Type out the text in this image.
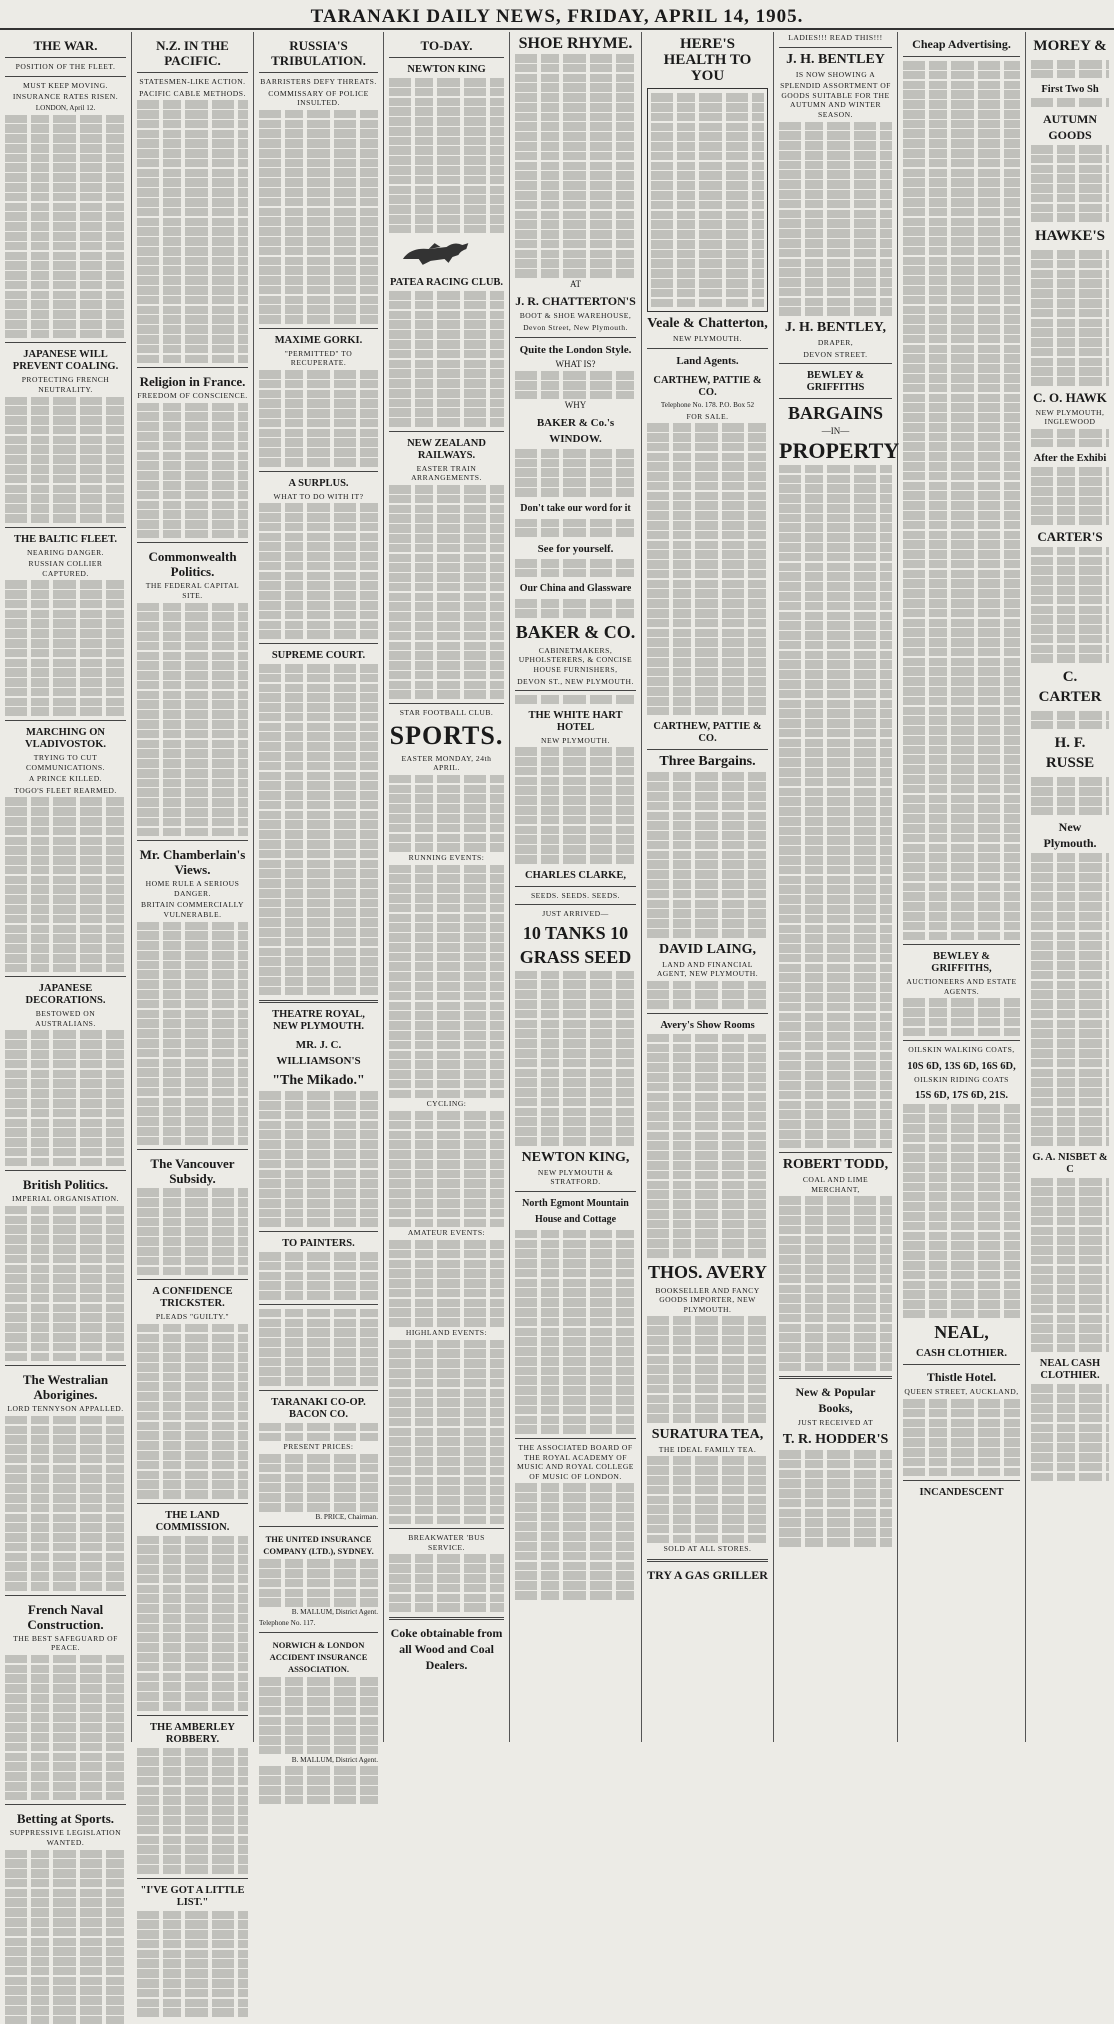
TARANAKI DAILY NEWS, FRIDAY, APRIL 14, 1905.
THE WAR.
POSITION OF THE FLEET.
MUST KEEP MOVING.
INSURANCE RATES RISEN.
LONDON, April 12.
JAPANESE WILL PREVENT COALING.
PROTECTING FRENCH NEUTRALITY.
THE BALTIC FLEET.
NEARING DANGER.
RUSSIAN COLLIER CAPTURED.
MARCHING ON VLADIVOSTOK.
TRYING TO CUT COMMUNICATIONS.
A PRINCE KILLED.
TOGO'S FLEET REARMED.
JAPANESE DECORATIONS.
BESTOWED ON AUSTRALIANS.
British Politics.
IMPERIAL ORGANISATION.
The Westralian Aborigines.
LORD TENNYSON APPALLED.
French Naval Construction.
THE BEST SAFEGUARD OF PEACE.
Betting at Sports.
SUPPRESSIVE LEGISLATION WANTED.
N.Z. IN THE PACIFIC.
STATESMEN-LIKE ACTION.
PACIFIC CABLE METHODS.
Religion in France.
FREEDOM OF CONSCIENCE.
Commonwealth Politics.
THE FEDERAL CAPITAL SITE.
Mr. Chamberlain's Views.
HOME RULE A SERIOUS DANGER.
BRITAIN COMMERCIALLY VULNERABLE.
The Vancouver Subsidy.
A CONFIDENCE TRICKSTER.
PLEADS "GUILTY."
THE LAND COMMISSION.
THE AMBERLEY ROBBERY.
"I'VE GOT A LITTLE LIST."
RUSSIA'S TRIBULATION.
BARRISTERS DEFY THREATS.
COMMISSARY OF POLICE INSULTED.
MAXIME GORKI.
"PERMITTED" TO RECUPERATE.
A SURPLUS.
WHAT TO DO WITH IT?
SUPREME COURT.
THEATRE ROYAL, NEW PLYMOUTH.
MR. J. C. WILLIAMSON'S
"The Mikado."
TO PAINTERS.
TARANAKI CO-OP. BACON CO.
PRESENT PRICES:
B. PRICE, Chairman.
THE UNITED INSURANCE COMPANY (LTD.), SYDNEY.
B. MALLUM, District Agent.
Telephone No. 117.
NORWICH & LONDON ACCIDENT INSURANCE ASSOCIATION.
B. MALLUM, District Agent.
TO-DAY.
NEWTON KING
PATEA RACING CLUB.
NEW ZEALAND RAILWAYS.
EASTER TRAIN ARRANGEMENTS.
STAR FOOTBALL CLUB.
SPORTS.
EASTER MONDAY, 24th APRIL.
RUNNING EVENTS:
CYCLING:
AMATEUR EVENTS:
HIGHLAND EVENTS:
BREAKWATER 'BUS SERVICE.
Coke obtainable from all Wood and Coal Dealers.
SHOE RHYME.
AT
J. R. CHATTERTON'S
BOOT & SHOE WAREHOUSE,
Devon Street, New Plymouth.
Quite the London Style.
WHAT IS?
WHY
BAKER & Co.'s WINDOW.
Don't take our word for it
See for yourself.
Our China and Glassware
BAKER & CO.
CABINETMAKERS, UPHOLSTERERS, & CONCISE HOUSE FURNISHERS,
DEVON ST., NEW PLYMOUTH.
THE WHITE HART HOTEL
NEW PLYMOUTH.
CHARLES CLARKE,
SEEDS. SEEDS. SEEDS.
JUST ARRIVED—
10 TANKS 10
GRASS SEED
NEWTON KING,
NEW PLYMOUTH & STRATFORD.
North Egmont Mountain House and Cottage
THE ASSOCIATED BOARD OF THE ROYAL ACADEMY OF MUSIC AND ROYAL COLLEGE OF MUSIC OF LONDON.
HERE'S HEALTH TO YOU
Veale & Chatterton,
NEW PLYMOUTH.
Land Agents.
CARTHEW, PATTIE & CO.
Telephone No. 178. P.O. Box 52
FOR SALE.
CARTHEW, PATTIE & CO.
Three Bargains.
DAVID LAING,
LAND AND FINANCIAL AGENT, NEW PLYMOUTH.
Avery's Show Rooms
THOS. AVERY
BOOKSELLER AND FANCY GOODS IMPORTER, NEW PLYMOUTH.
SURATURA TEA,
THE IDEAL FAMILY TEA.
SOLD AT ALL STORES.
TRY A GAS GRILLER
LADIES!!! READ THIS!!!
J. H. BENTLEY
IS NOW SHOWING A
SPLENDID ASSORTMENT OF GOODS SUITABLE FOR THE AUTUMN AND WINTER SEASON.
J. H. BENTLEY,
DRAPER,
DEVON STREET.
BEWLEY & GRIFFITHS
BARGAINS
—IN—
PROPERTY
ROBERT TODD,
COAL AND LIME MERCHANT,
New & Popular Books,
JUST RECEIVED AT
T. R. HODDER'S
Cheap Advertising.
BEWLEY & GRIFFITHS,
AUCTIONEERS AND ESTATE AGENTS.
OILSKIN WALKING COATS,
10S 6D, 13S 6D, 16S 6D,
OILSKIN RIDING COATS
15S 6D, 17S 6D, 21S.
NEAL,
CASH CLOTHIER.
Thistle Hotel.
QUEEN STREET, AUCKLAND,
INCANDESCENT
MOREY &
First Two Sh
AUTUMN GOODS
HAWKE'S
C. O. HAWK
NEW PLYMOUTH, INGLEWOOD
After the Exhibi
CARTER'S
C. CARTER
H. F. RUSSE
New Plymouth.
G. A. NISBET & C
NEAL CASH CLOTHIER.
